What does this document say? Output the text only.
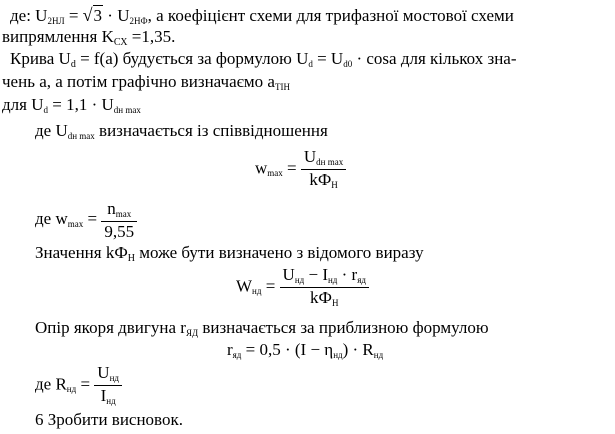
де: U2НЛ = √3 · U2НФ, а коефіцієнт схеми для трифазної мостової схеми
випрямлення KСХ =1,35.
Крива Ud = f(a) будується за формулою Ud = Ud0 · cosa для кількох зна-
чень а, а потім графічно визначаємо аТІН
для Ud = 1,1 · Udн max
де Udн max визначається із співвідношення
$wmax = \frac{\text{Udн max}}{\text{kФН}}$
де $wmax = \frac{nmax}{9,55}$
Значення kФН може бути визначено з відомого виразу
Wнд = $\frac{\text{Uнд − Iнд · rяд}}{\text{kФН}}$
Опір якоря двигуна rЯД визначається за приблизною формулою
rяд = 0,5 · (I − ηнд) · Rнд
де Rнд = $\frac{\text{Uнд}}{\text{Iнд}}$
6 Зробити висновок.
